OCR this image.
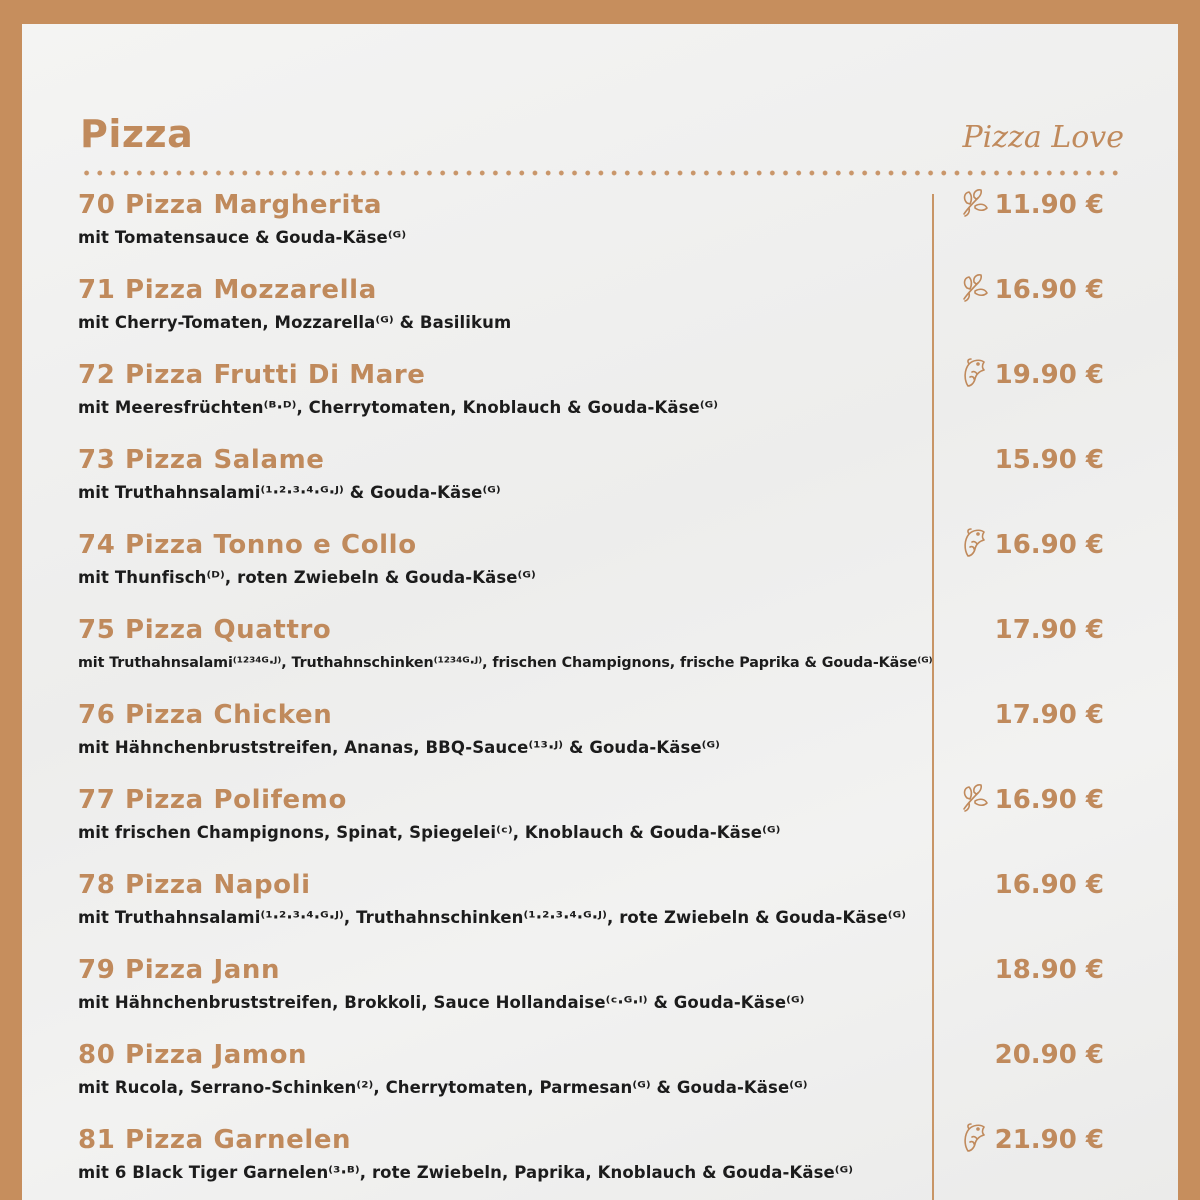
Pizza	Pizza Love
70 Pizza Margherita
mit Tomatensauce & Gouda-Käse⁽ᴳ⁾
11.90 €
71 Pizza Mozzarella
mit Cherry-Tomaten, Mozzarella⁽ᴳ⁾ & Basilikum
16.90 €
72 Pizza Frutti Di Mare
mit Meeresfrüchten⁽ᴮ·ᴰ⁾, Cherrytomaten, Knoblauch & Gouda-Käse⁽ᴳ⁾
19.90 €
73 Pizza Salame
mit Truthahnsalami⁽¹·²·³·⁴·ᴳ·ᴶ⁾ & Gouda-Käse⁽ᴳ⁾
15.90 €
74 Pizza Tonno e Collo
mit Thunfisch⁽ᴰ⁾, roten Zwiebeln & Gouda-Käse⁽ᴳ⁾
16.90 €
75 Pizza Quattro
mit Truthahnsalami⁽¹²³⁴ᴳ·ᴶ⁾, Truthahnschinken⁽¹²³⁴ᴳ·ᴶ⁾, frischen Champignons, frische Paprika & Gouda-Käse⁽ᴳ⁾
17.90 €
76 Pizza Chicken
mit Hähnchenbruststreifen, Ananas, BBQ-Sauce⁽¹³·ᴶ⁾ & Gouda-Käse⁽ᴳ⁾
17.90 €
77 Pizza Polifemo
mit frischen Champignons, Spinat, Spiegelei⁽ᶜ⁾, Knoblauch & Gouda-Käse⁽ᴳ⁾
16.90 €
78 Pizza Napoli
mit Truthahnsalami⁽¹·²·³·⁴·ᴳ·ᴶ⁾, Truthahnschinken⁽¹·²·³·⁴·ᴳ·ᴶ⁾, rote Zwiebeln & Gouda-Käse⁽ᴳ⁾
16.90 €
79 Pizza Jann
mit Hähnchenbruststreifen, Brokkoli, Sauce Hollandaise⁽ᶜ·ᴳ·ᴵ⁾ & Gouda-Käse⁽ᴳ⁾
18.90 €
80 Pizza Jamon
mit Rucola, Serrano-Schinken⁽²⁾, Cherrytomaten, Parmesan⁽ᴳ⁾ & Gouda-Käse⁽ᴳ⁾
20.90 €
81 Pizza Garnelen
mit 6 Black Tiger Garnelen⁽³·ᴮ⁾, rote Zwiebeln, Paprika, Knoblauch & Gouda-Käse⁽ᴳ⁾
21.90 €
